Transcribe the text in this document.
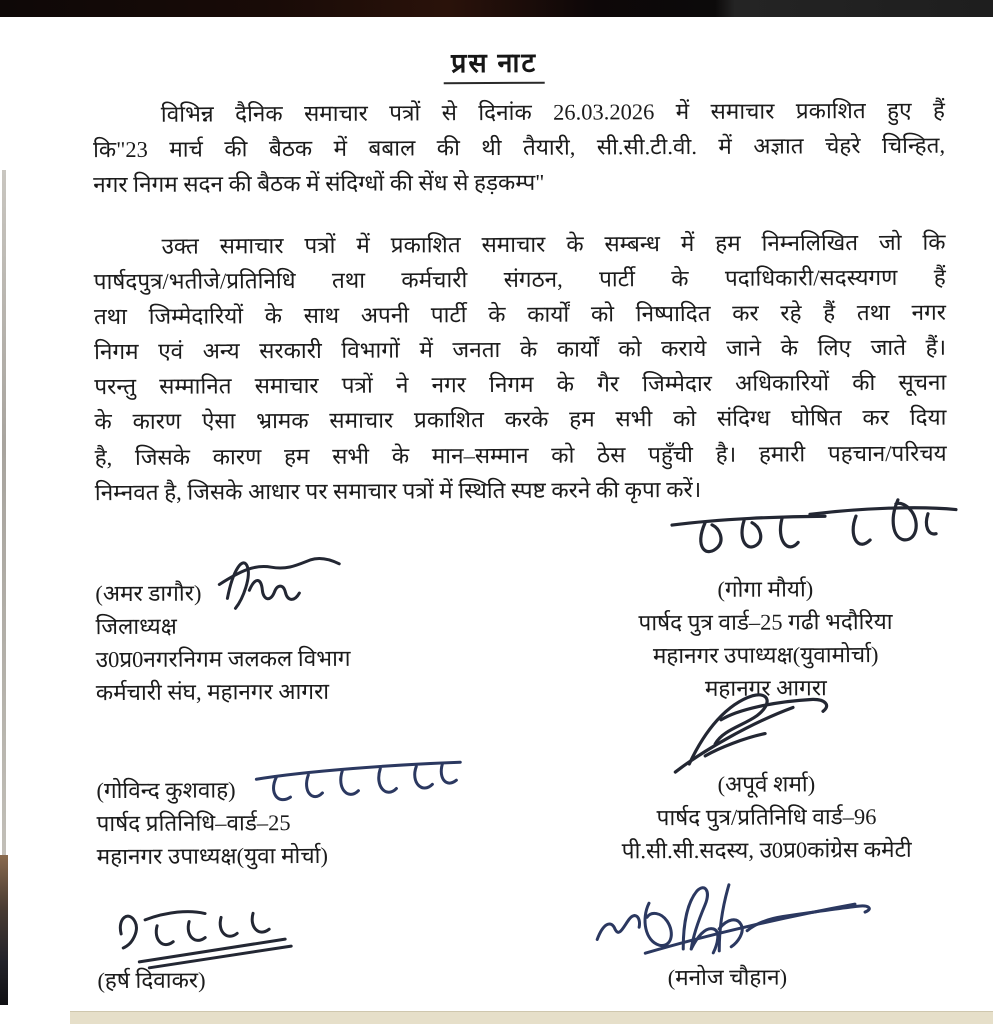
प्रस नाट
विभिन्न दैनिक समाचार पत्रों से दिनांक 26.03.2026 में समाचार प्रकाशित हुए हैं
कि"23 मार्च की बैठक में बबाल की थी तैयारी, सी.सी.टी.वी. में अज्ञात चेहरे चिन्हित,
नगर निगम सदन की बैठक में संदिग्धों की सेंध से हड़कम्प"
उक्त समाचार पत्रों में प्रकाशित समाचार के सम्बन्ध में हम निम्नलिखित जो कि
पार्षदपुत्र/भतीजे/प्रतिनिधि तथा कर्मचारी संगठन, पार्टी के पदाधिकारी/सदस्यगण हैं
तथा जिम्मेदारियों के साथ अपनी पार्टी के कार्यों को निष्पादित कर रहे हैं तथा नगर
निगम एवं अन्य सरकारी विभागों में जनता के कार्यों को कराये जाने के लिए जाते हैं।
परन्तु सम्मानित समाचार पत्रों ने नगर निगम के गैर जिम्मेदार अधिकारियों की सूचना
के कारण ऐसा भ्रामक समाचार प्रकाशित करके हम सभी को संदिग्ध घोषित कर दिया
है, जिसके कारण हम सभी के मान–सम्मान को ठेस पहुँची है। हमारी पहचान/परिचय
निम्नवत है, जिसके आधार पर समाचार पत्रों में स्थिति स्पष्ट करने की कृपा करें।
(अमर डागौर)
जिलाध्यक्ष
उ0प्र0नगरनिगम जलकल विभाग
कर्मचारी संघ, महानगर आगरा
(गोगा मौर्या)
पार्षद पुत्र वार्ड–25 गढी भदौरिया
महानगर उपाध्यक्ष(युवामोर्चा)
महानगर आगरा
(गोविन्द कुशवाह)
पार्षद प्रतिनिधि–वार्ड–25
महानगर उपाध्यक्ष(युवा मोर्चा)
(अपूर्व शर्मा)
पार्षद पुत्र/प्रतिनिधि वार्ड–96
पी.सी.सी.सदस्य, उ0प्र0कांग्रेस कमेटी
(हर्ष दिवाकर)	(मनोज चौहान)
